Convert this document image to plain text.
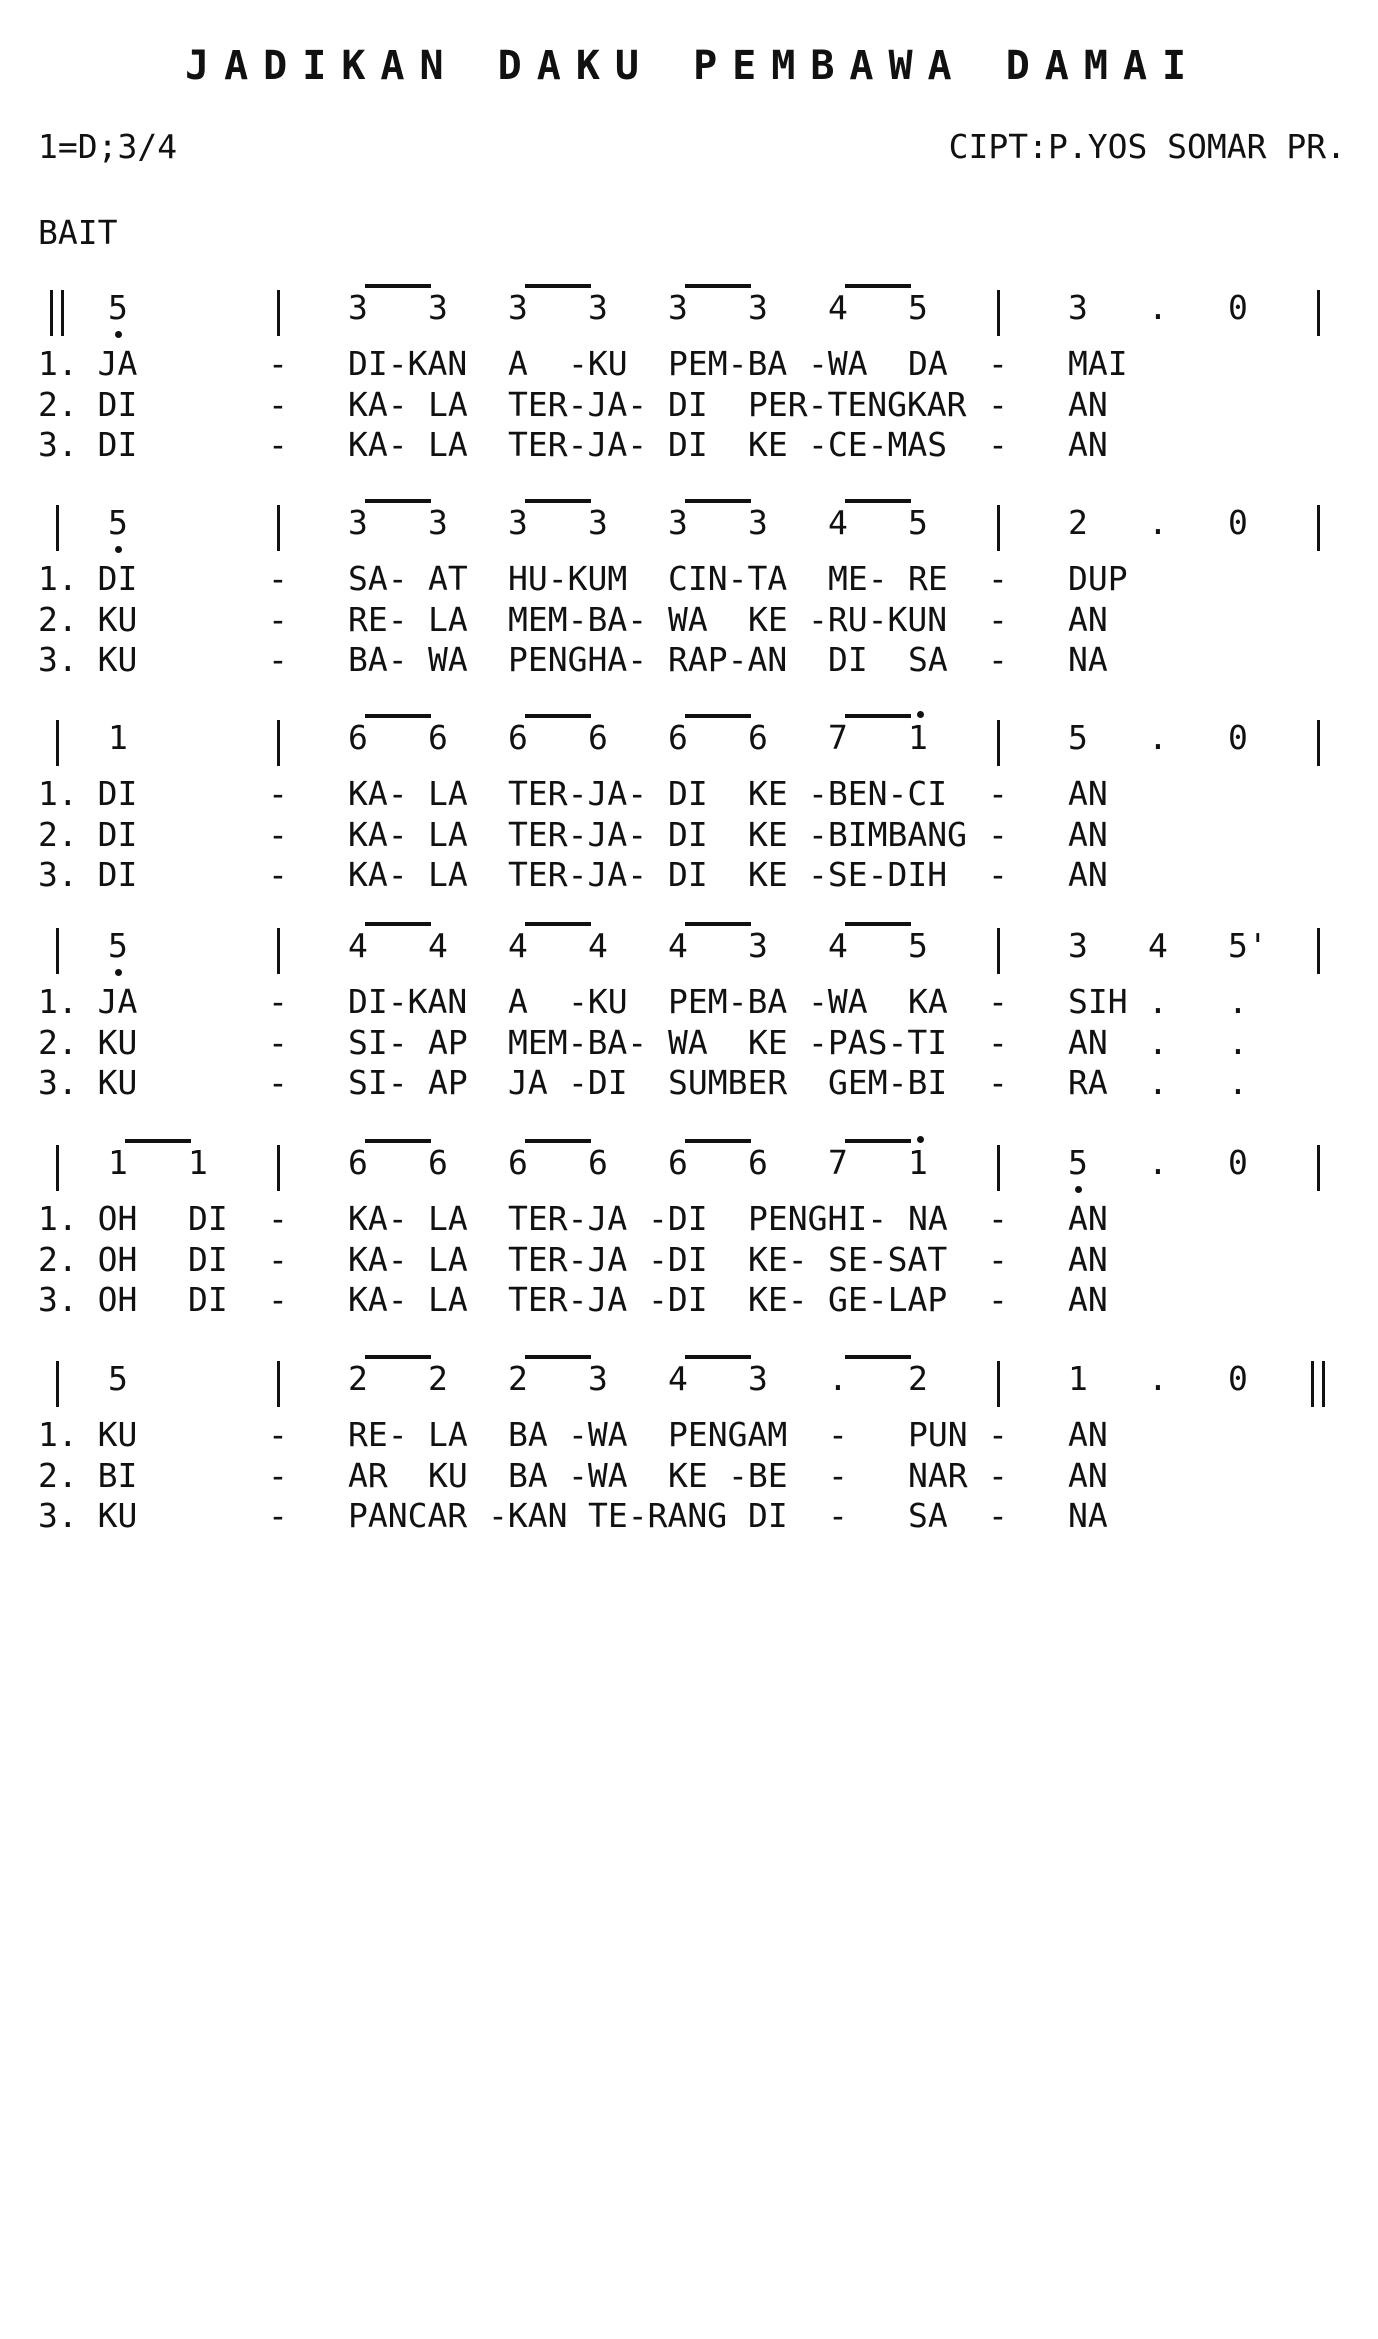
JADIKAN DAKU PEMBAWA DAMAI
1=D;3/4	CIPT:P.YOS SOMAR PR.
BAIT
5	3 3 3 3 3 3 4 5	3 . 0
1. JA	- DI-KAN A -KU PEM-BA -WA DA - MAI
2. DI	- KA- LA TER-JA- DI PER-TENGKAR - AN
3. DI	- KA- LA TER-JA- DI KE -CE-MAS - AN
5	3 3 3 3 3 3 4 5	2 . 0
1. DI	- SA- AT HU-KUM CIN-TA ME- RE - DUP
2. KU	- RE- LA MEM-BA- WA KE -RU-KUN - AN
3. KU	- BA- WA PENGHA- RAP-AN DI SA - NA
1	6 6 6 6 6 6 7 1	5 . 0
1. DI	- KA- LA TER-JA- DI KE -BEN-CI - AN
2. DI	- KA- LA TER-JA- DI KE -BIMBANG - AN
3. DI	- KA- LA TER-JA- DI KE -SE-DIH - AN
5	4 4 4 4 4 3 4 5	3 4 5'
1. JA	- DI-KAN A -KU PEM-BA -WA KA - SIH . .
2. KU	- SI- AP MEM-BA- WA KE -PAS-TI - AN . .
3. KU	- SI- AP JA -DI SUMBER GEM-BI - RA . .
1 1	6 6 6 6 6 6 7 1	5 . 0
1. OH DI - KA- LA TER-JA -DI PENGHI- NA - AN
2. OH DI - KA- LA TER-JA -DI KE- SE-SAT - AN
3. OH DI - KA- LA TER-JA -DI KE- GE-LAP - AN
5	2 2 2 3 4 3 . 2	1 . 0
1. KU	- RE- LA BA -WA PENGAM - PUN - AN
2. BI	- AR KU BA -WA KE -BE - NAR - AN
3. KU	- PANCAR -KAN TE-RANG DI - SA - NA
